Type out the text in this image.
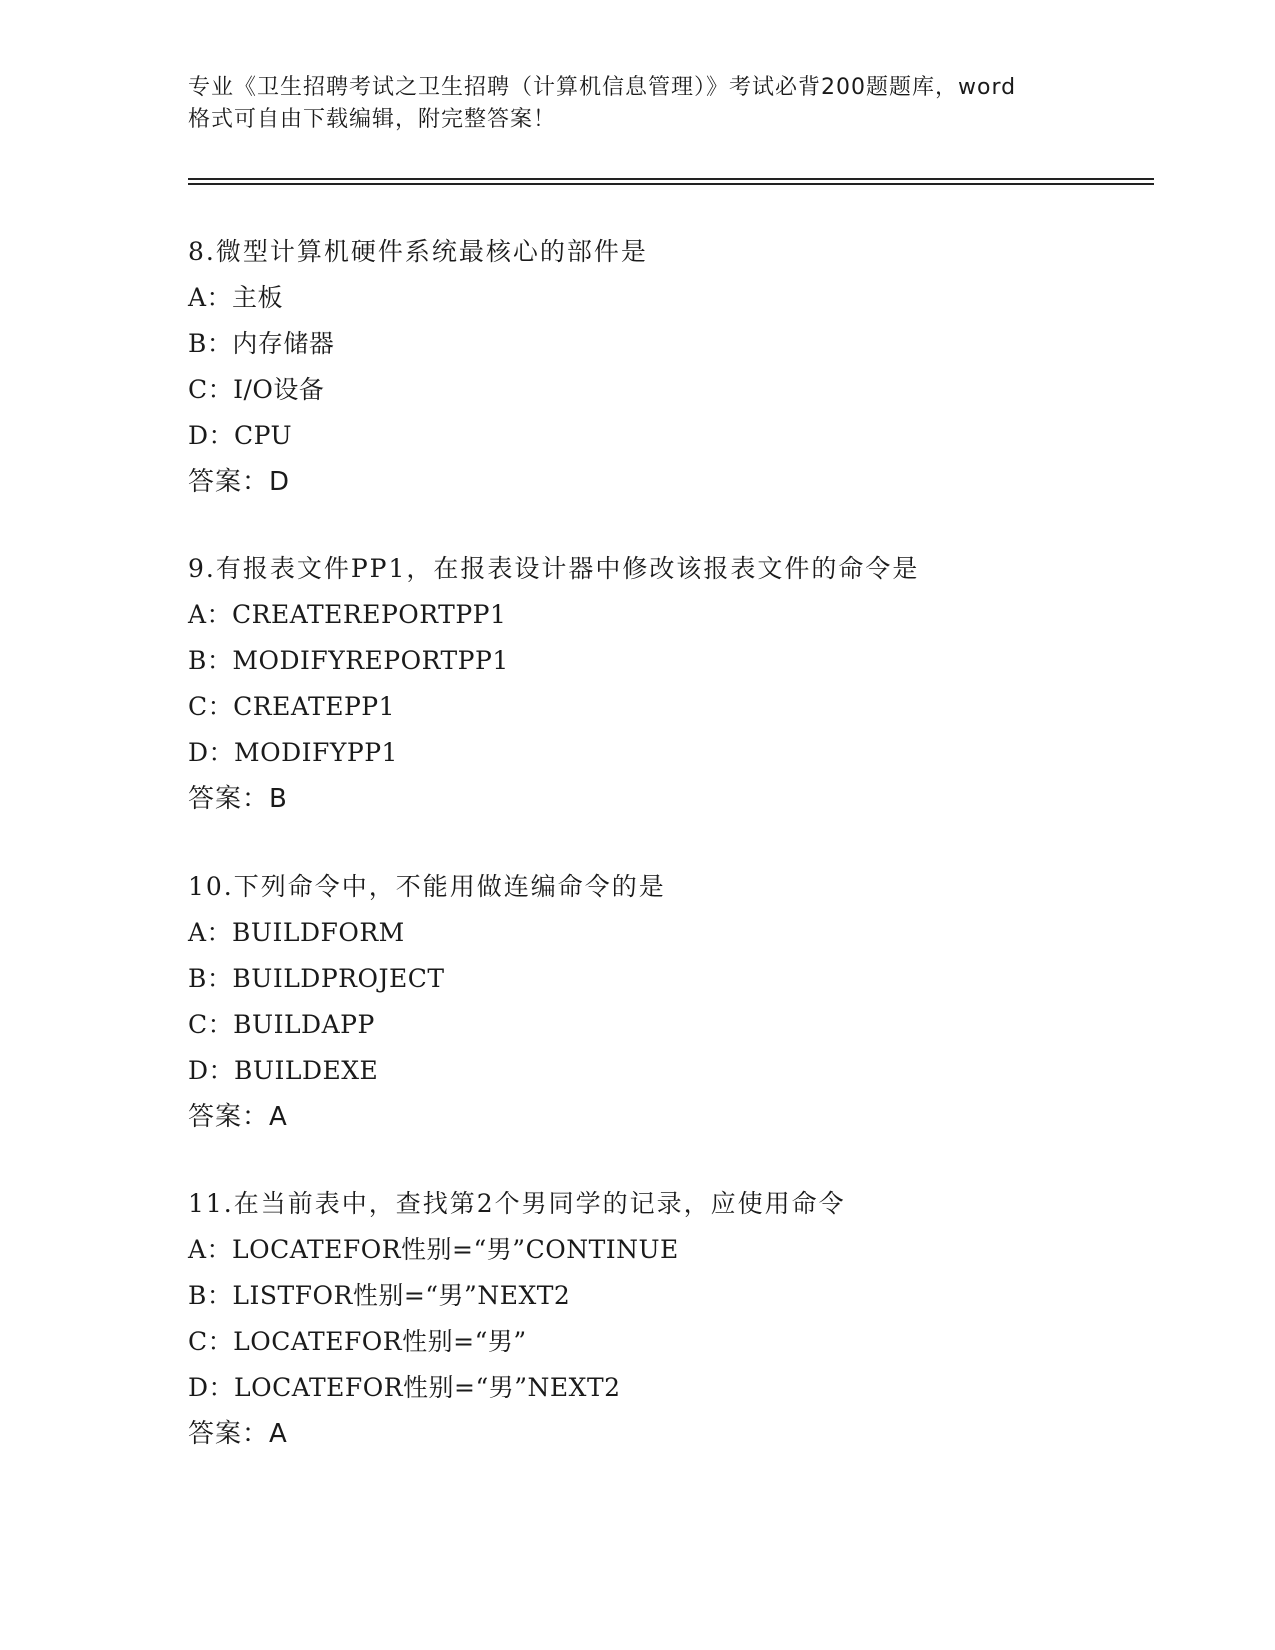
专业《卫生招聘考试之卫生招聘（计算机信息管理）》考试必背200题题库，word
格式可自由下载编辑，附完整答案！
8.微型计算机硬件系统最核心的部件是
A：主板
B：内存储器
C：I/O设备
D：CPU
答案：D
9.有报表文件PP1，在报表设计器中修改该报表文件的命令是
A：CREATEREPORTPP1
B：MODIFYREPORTPP1
C：CREATEPP1
D：MODIFYPP1
答案：B
10.下列命令中，不能用做连编命令的是
A：BUILDFORM
B：BUILDPROJECT
C：BUILDAPP
D：BUILDEXE
答案：A
11.在当前表中，查找第2个男同学的记录，应使用命令
A：LOCATEFOR性别=“男”CONTINUE
B：LISTFOR性别=“男”NEXT2
C：LOCATEFOR性别=“男”
D：LOCATEFOR性别=“男”NEXT2
答案：A
